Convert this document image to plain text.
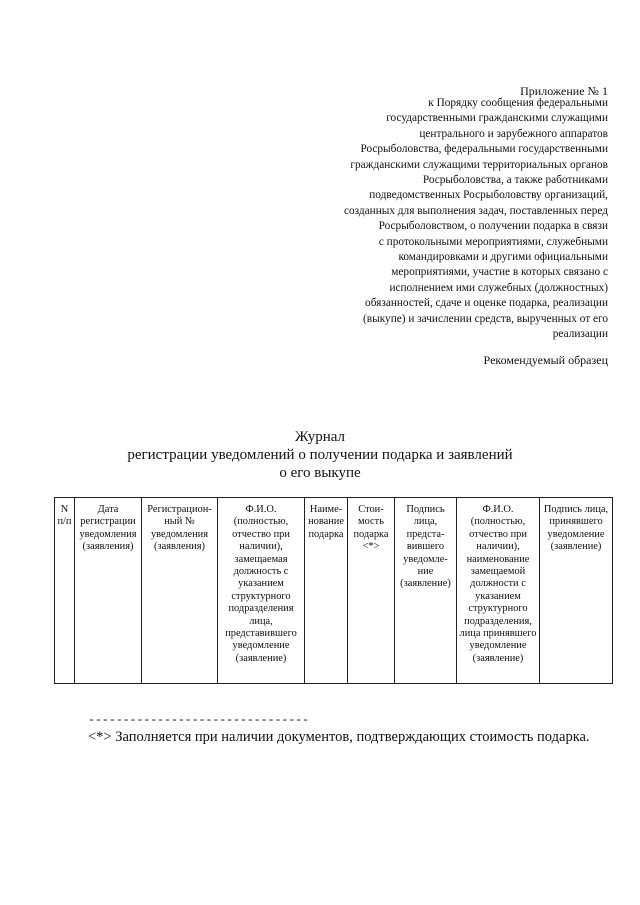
Приложение № 1
к Порядку сообщения федеральными
государственными гражданскими служащими
центрального и зарубежного аппаратов
Росрыболовства, федеральными государственными
гражданскими служащими территориальных органов
Росрыболовства, а также работниками
подведомственных Росрыболовству организаций,
созданных для выполнения задач, поставленных перед
Росрыболовством, о получении подарка в связи
с протокольными мероприятиями, служебными
командировками и другими официальными
мероприятиями, участие в которых связано с
исполнением ими служебных (должностных)
обязанностей, сдаче и оценке подарка, реализации
(выкупе) и зачислении средств, вырученных от его
реализации
Рекомендуемый образец
Журнал
регистрации уведомлений о получении подарка и заявлений
о его выкупе
N п/п	Дата регистрации уведомления (заявления)	Регистрацион-ный № уведомления (заявления)	Ф.И.О. (полностью, отчество при наличии), замещаемая должность с указанием структурного подразделения лица, представившего уведомление (заявление)	Наиме-нование подарка	Стои-мость подарка <*>	Подпись лица, предста-вившего уведомле-ние (заявление)	Ф.И.О. (полностью, отчество при наличии), наименование замещаемой должности с указанием структурного подразделения, лица принявшего уведомление (заявление)	Подпись лица, принявшего уведомление (заявление)
--------------------------------
<*> Заполняется при наличии документов, подтверждающих стоимость подарка.
